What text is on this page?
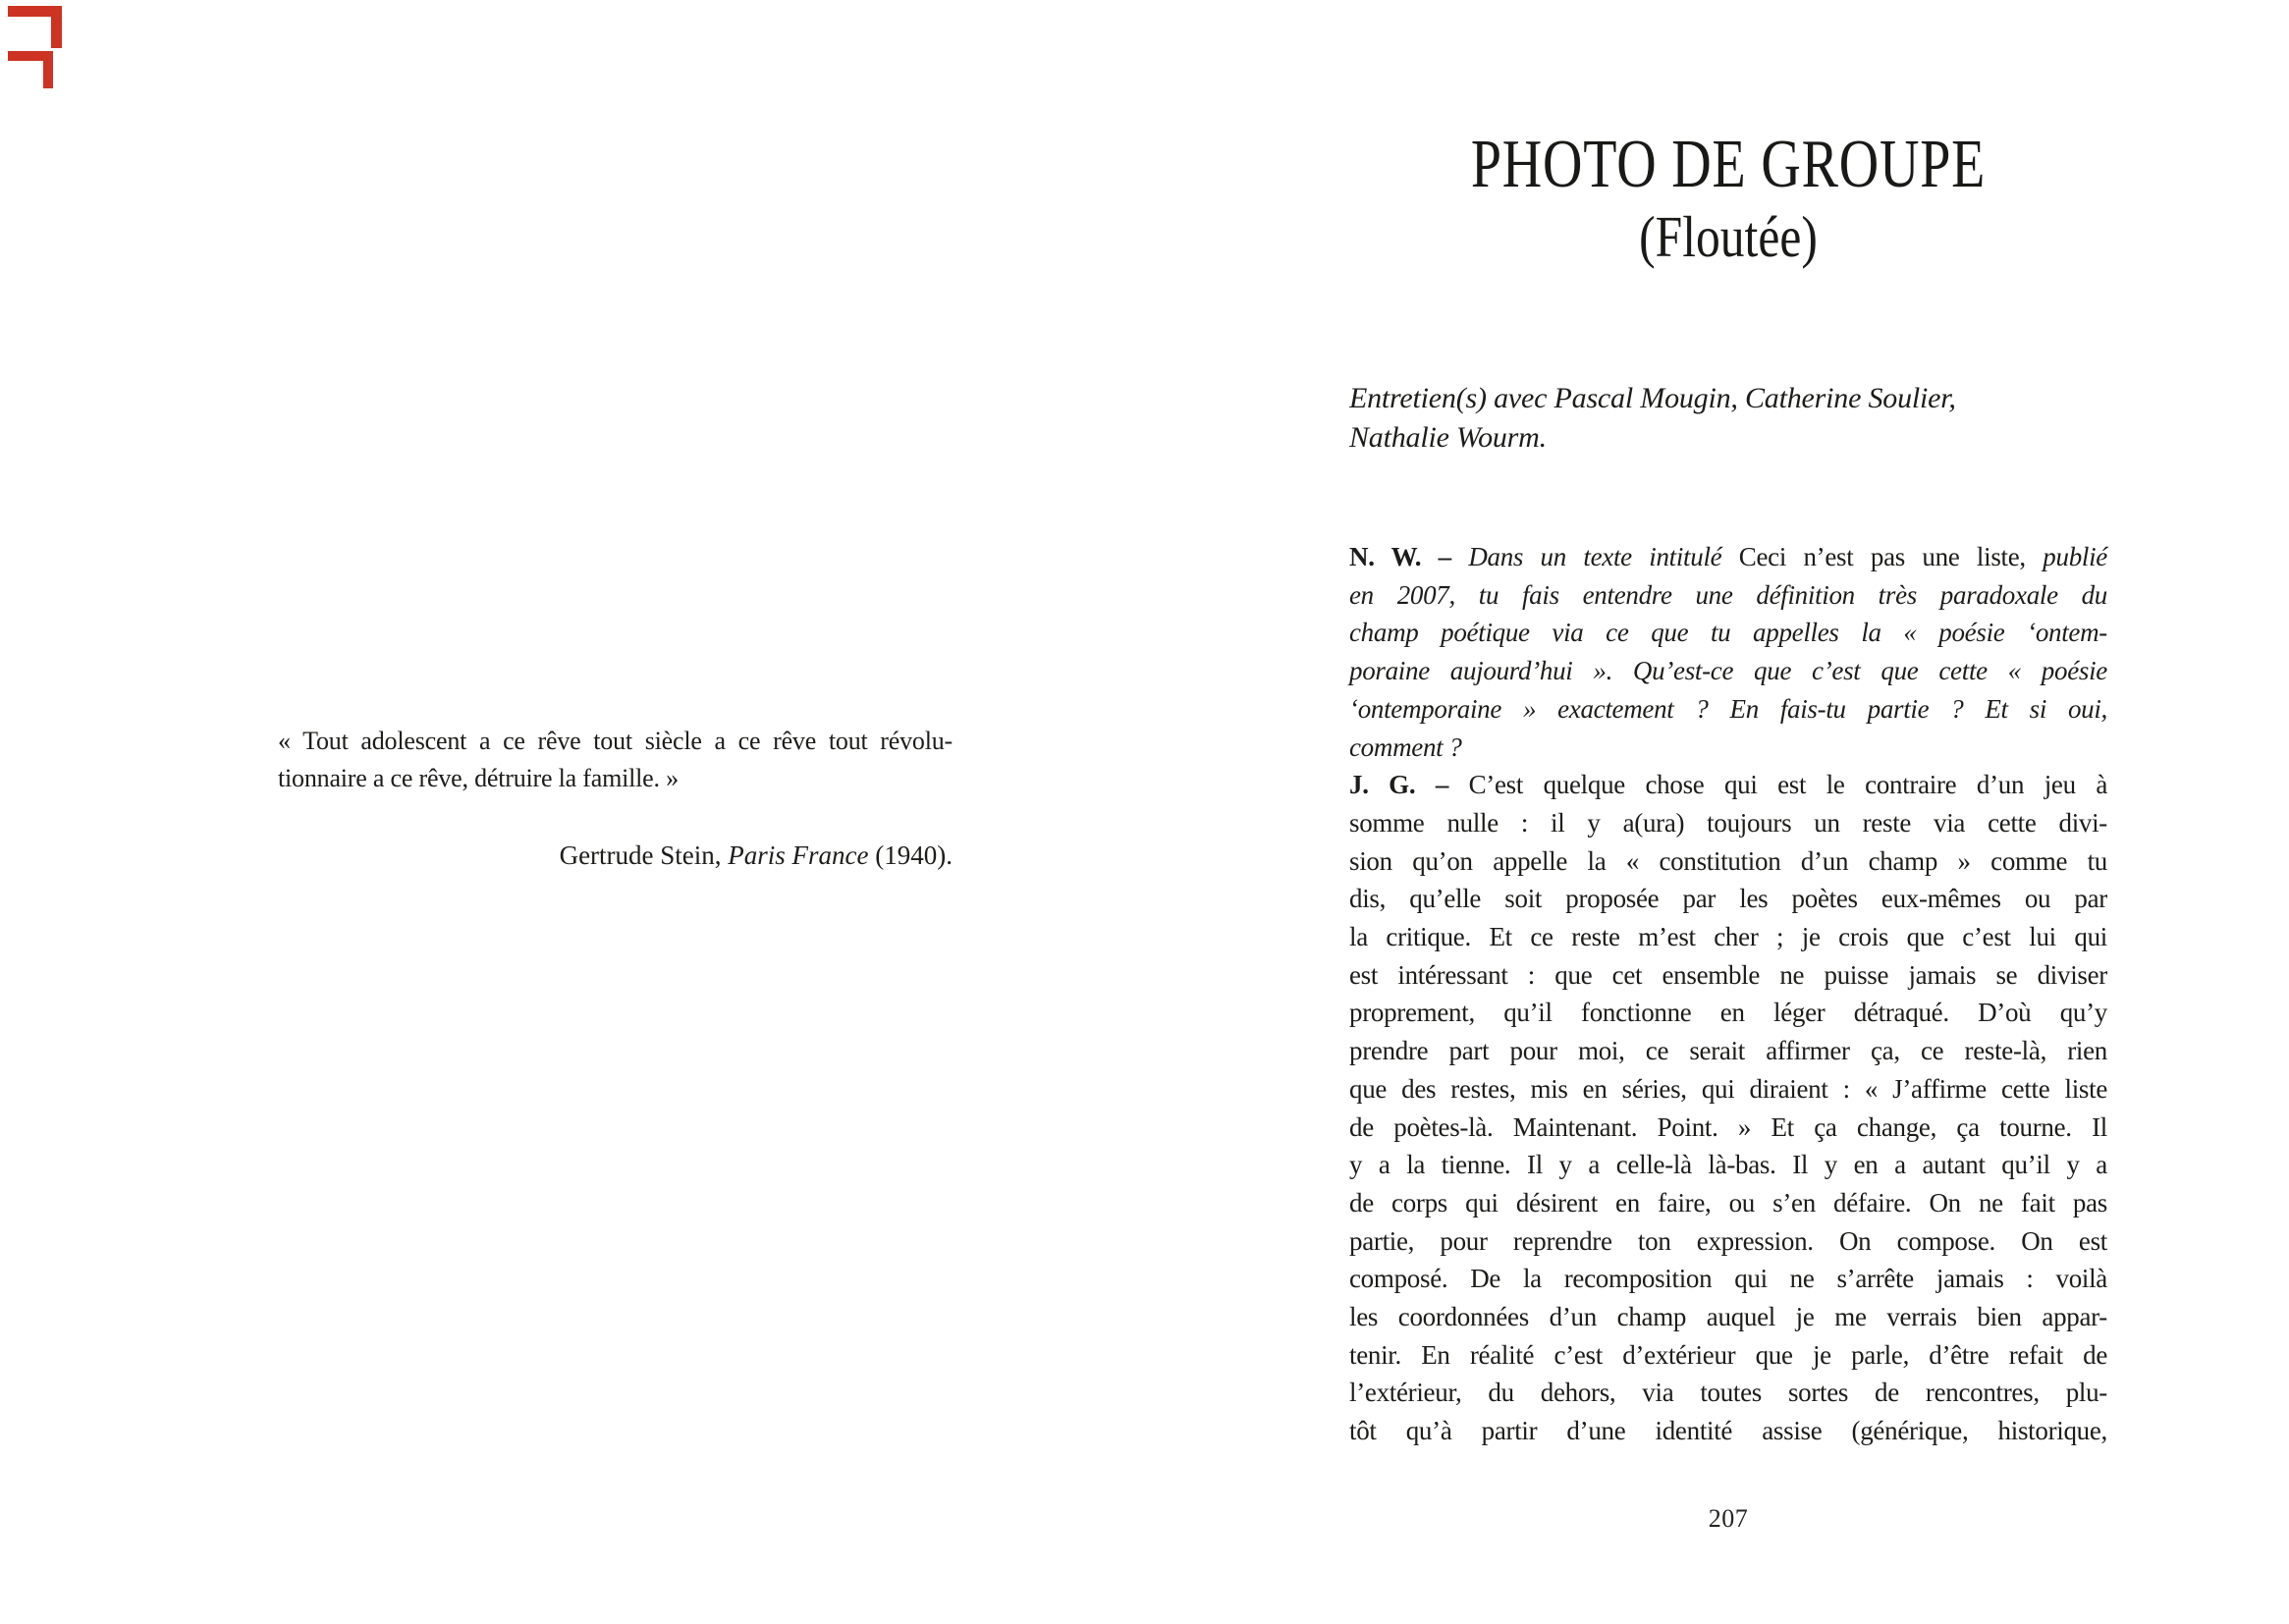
« Tout adolescent a ce rêve tout siècle a ce rêve tout révolu-
tionnaire a ce rêve, détruire la famille. »
Gertrude Stein, Paris France (1940).
PHOTO DE GROUPE
(Floutée)
Entretien(s) avec Pascal Mougin, Catherine Soulier,
Nathalie Wourm.
N. W. – Dans un texte intitulé Ceci n’est pas une liste, publié
en 2007, tu fais entendre une définition très paradoxale du
champ poétique via ce que tu appelles la « poésie ‘ontem-
poraine aujourd’hui ». Qu’est-ce que c’est que cette « poésie
‘ontemporaine » exactement ? En fais-tu partie ? Et si oui,
comment ?
J. G. – C’est quelque chose qui est le contraire d’un jeu à
somme nulle : il y a(ura) toujours un reste via cette divi-
sion qu’on appelle la « constitution d’un champ » comme tu
dis, qu’elle soit proposée par les poètes eux-mêmes ou par
la critique. Et ce reste m’est cher ; je crois que c’est lui qui
est intéressant : que cet ensemble ne puisse jamais se diviser
proprement, qu’il fonctionne en léger détraqué. D’où qu’y
prendre part pour moi, ce serait affirmer ça, ce reste-là, rien
que des restes, mis en séries, qui diraient : « J’affirme cette liste
de poètes-là. Maintenant. Point. » Et ça change, ça tourne. Il
y a la tienne. Il y a celle-là là-bas. Il y en a autant qu’il y a
de corps qui désirent en faire, ou s’en défaire. On ne fait pas
partie, pour reprendre ton expression. On compose. On est
composé. De la recomposition qui ne s’arrête jamais : voilà
les coordonnées d’un champ auquel je me verrais bien appar-
tenir. En réalité c’est d’extérieur que je parle, d’être refait de
l’extérieur, du dehors, via toutes sortes de rencontres, plu-
tôt qu’à partir d’une identité assise (générique, historique,
207
